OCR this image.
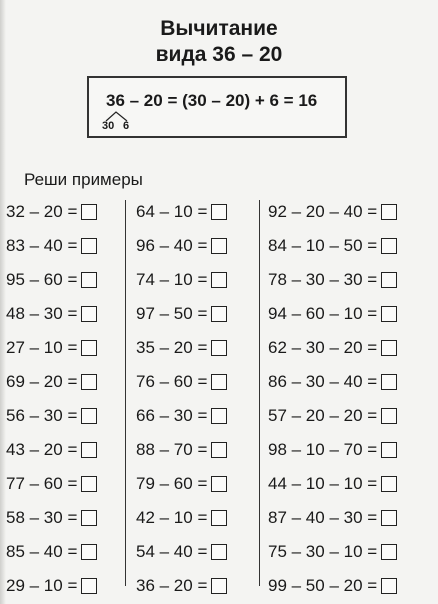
Вычитание
вида 36 – 20
36 – 20 = (30 – 20) + 6 = 16
30 6
Реши примеры
32 – 20 =
83 – 40 =
95 – 60 =
48 – 30 =
27 – 10 =
69 – 20 =
56 – 30 =
43 – 20 =
77 – 60 =
58 – 30 =
85 – 40 =
29 – 10 =
64 – 10 =
96 – 40 =
74 – 10 =
97 – 50 =
35 – 20 =
76 – 60 =
66 – 30 =
88 – 70 =
79 – 60 =
42 – 10 =
54 – 40 =
36 – 20 =
92 – 20 – 40 =
84 – 10 – 50 =
78 – 30 – 30 =
94 – 60 – 10 =
62 – 30 – 20 =
86 – 30 – 40 =
57 – 20 – 20 =
98 – 10 – 70 =
44 – 10 – 10 =
87 – 40 – 30 =
75 – 30 – 10 =
99 – 50 – 20 =
